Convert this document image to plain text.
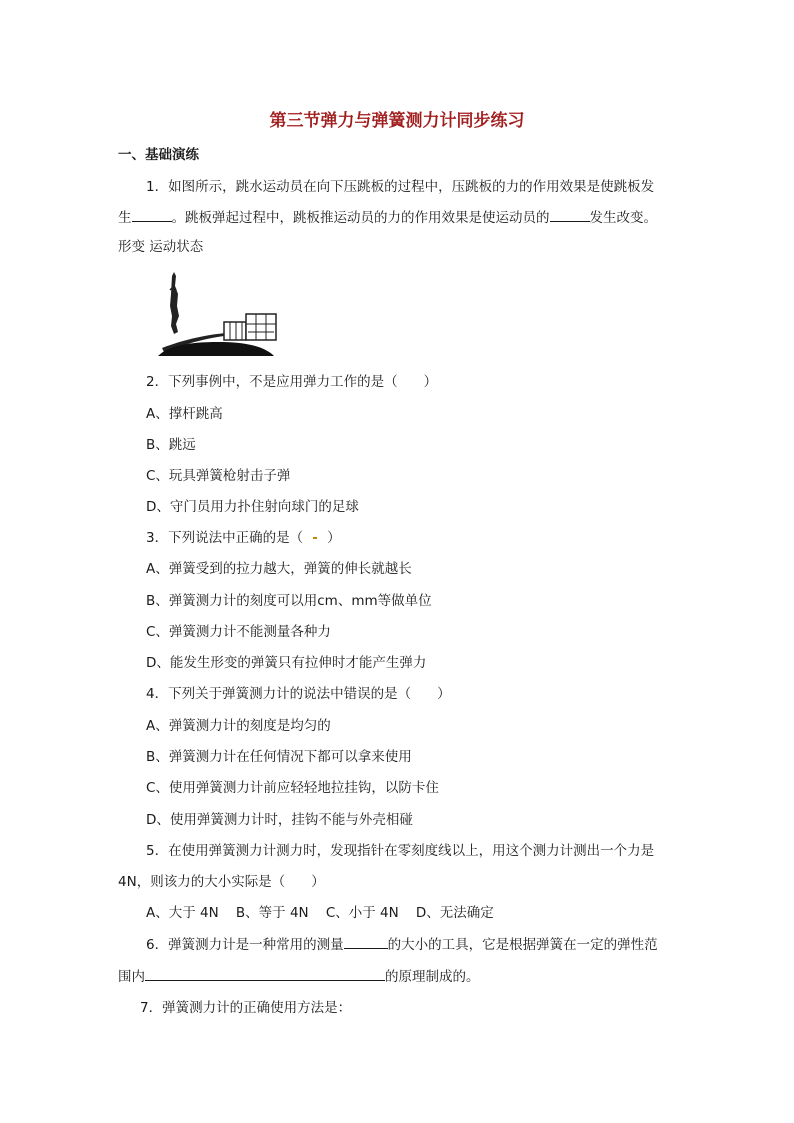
第三节弹力与弹簧测力计同步练习
一、基础演练
1．如图所示，跳水运动员在向下压跳板的过程中，压跳板的力的作用效果是使跳板发
生	。跳板弹起过程中，跳板推运动员的力的作用效果是使运动员的	发生改变。
形变 运动状态
2．下列事例中，不是应用弹力工作的是（ ）
A、撑杆跳高
B、跳远
C、玩具弹簧枪射击子弹
D、守门员用力扑住射向球门的足球
3．下列说法中正确的是（ ）
A、弹簧受到的拉力越大，弹簧的伸长就越长
B、弹簧测力计的刻度可以用cm、mm等做单位
C、弹簧测力计不能测量各种力
D、能发生形变的弹簧只有拉伸时才能产生弹力
4．下列关于弹簧测力计的说法中错误的是（ ）
A、弹簧测力计的刻度是均匀的
B、弹簧测力计在任何情况下都可以拿来使用
C、使用弹簧测力计前应轻轻地拉挂钩，以防卡住
D、使用弹簧测力计时，挂钩不能与外壳相碰
5．在使用弹簧测力计测力时，发现指针在零刻度线以上，用这个测力计测出一个力是
4N，则该力的大小实际是（ ）
A、大于 4N B、等于 4N C、小于 4N D、无法确定
6．弹簧测力计是一种常用的测量	的大小的工具，它是根据弹簧在一定的弹性范
围内	的原理制成的。
7．弹簧测力计的正确使用方法是：
